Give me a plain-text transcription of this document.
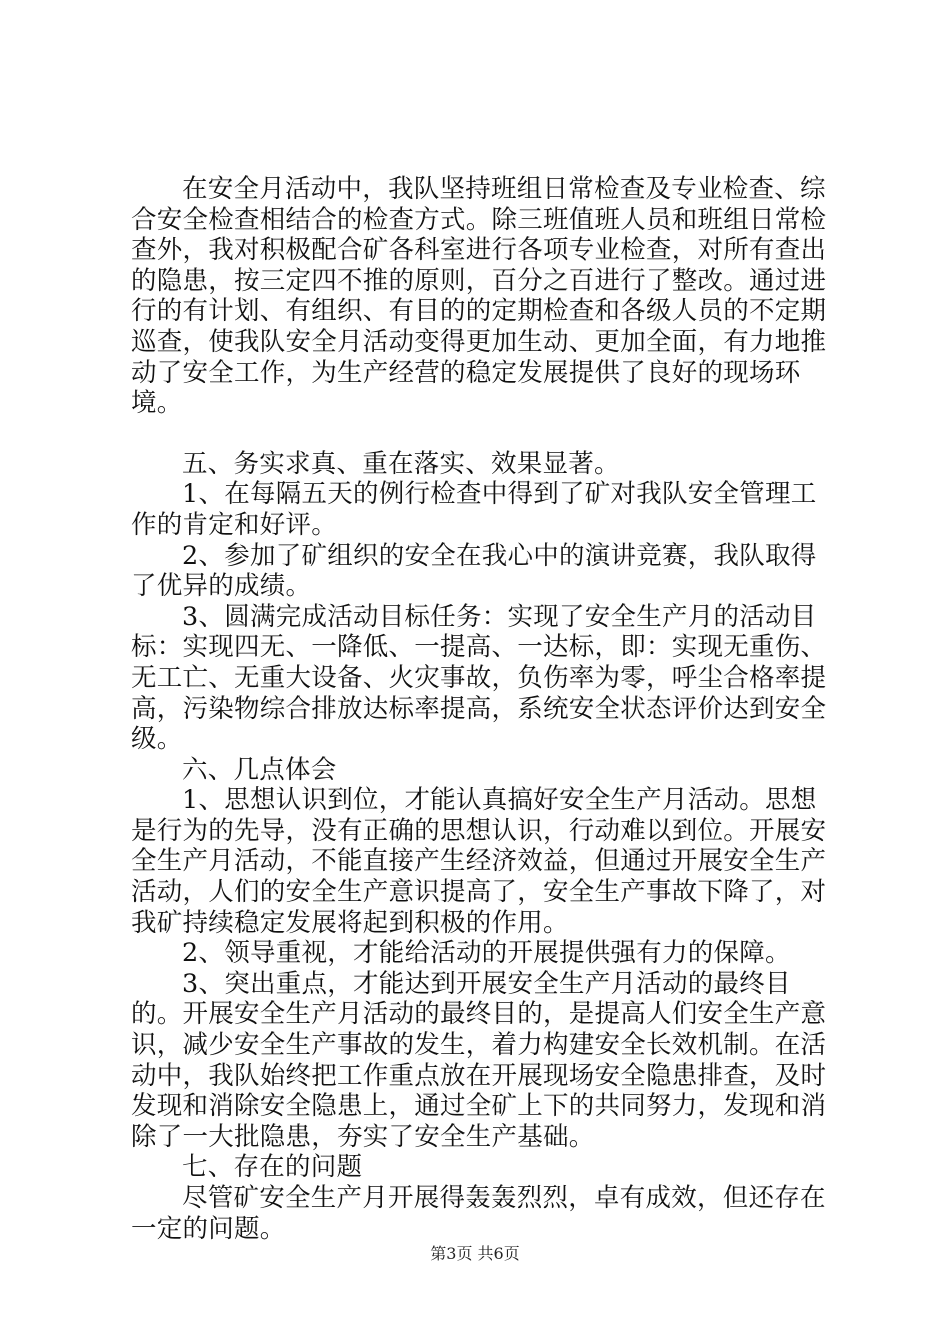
在安全月活动中，我队坚持班组日常检查及专业检查、综合安全检查相结合的检查方式。除三班值班人员和班组日常检查外，我对积极配合矿各科室进行各项专业检查，对所有查出的隐患，按三定四不推的原则，百分之百进行了整改。通过进行的有计划、有组织、有目的的定期检查和各级人员的不定期巡查，使我队安全月活动变得更加生动、更加全面，有力地推动了安全工作，为生产经营的稳定发展提供了良好的现场环境。

五、务实求真、重在落实、效果显著。

1、在每隔五天的例行检查中得到了矿对我队安全管理工作的肯定和好评。

2、参加了矿组织的安全在我心中的演讲竞赛，我队取得了优异的成绩。

3、圆满完成活动目标任务：实现了安全生产月的活动目标：实现四无、一降低、一提高、一达标，即：实现无重伤、无工亡、无重大设备、火灾事故，负伤率为零，呼尘合格率提高，污染物综合排放达标率提高，系统安全状态评价达到安全级。

六、几点体会

1、思想认识到位，才能认真搞好安全生产月活动。思想是行为的先导，没有正确的思想认识，行动难以到位。开展安全生产月活动，不能直接产生经济效益，但通过开展安全生产活动，人们的安全生产意识提高了，安全生产事故下降了，对我矿持续稳定发展将起到积极的作用。

2、领导重视，才能给活动的开展提供强有力的保障。

3、突出重点，才能达到开展安全生产月活动的最终目的。开展安全生产月活动的最终目的，是提高人们安全生产意识，减少安全生产事故的发生，着力构建安全长效机制。在活动中，我队始终把工作重点放在开展现场安全隐患排查，及时发现和消除安全隐患上，通过全矿上下的共同努力，发现和消除了一大批隐患，夯实了安全生产基础。

七、存在的问题

尽管矿安全生产月开展得轰轰烈烈，卓有成效，但还存在一定的问题。

第3页 共6页
